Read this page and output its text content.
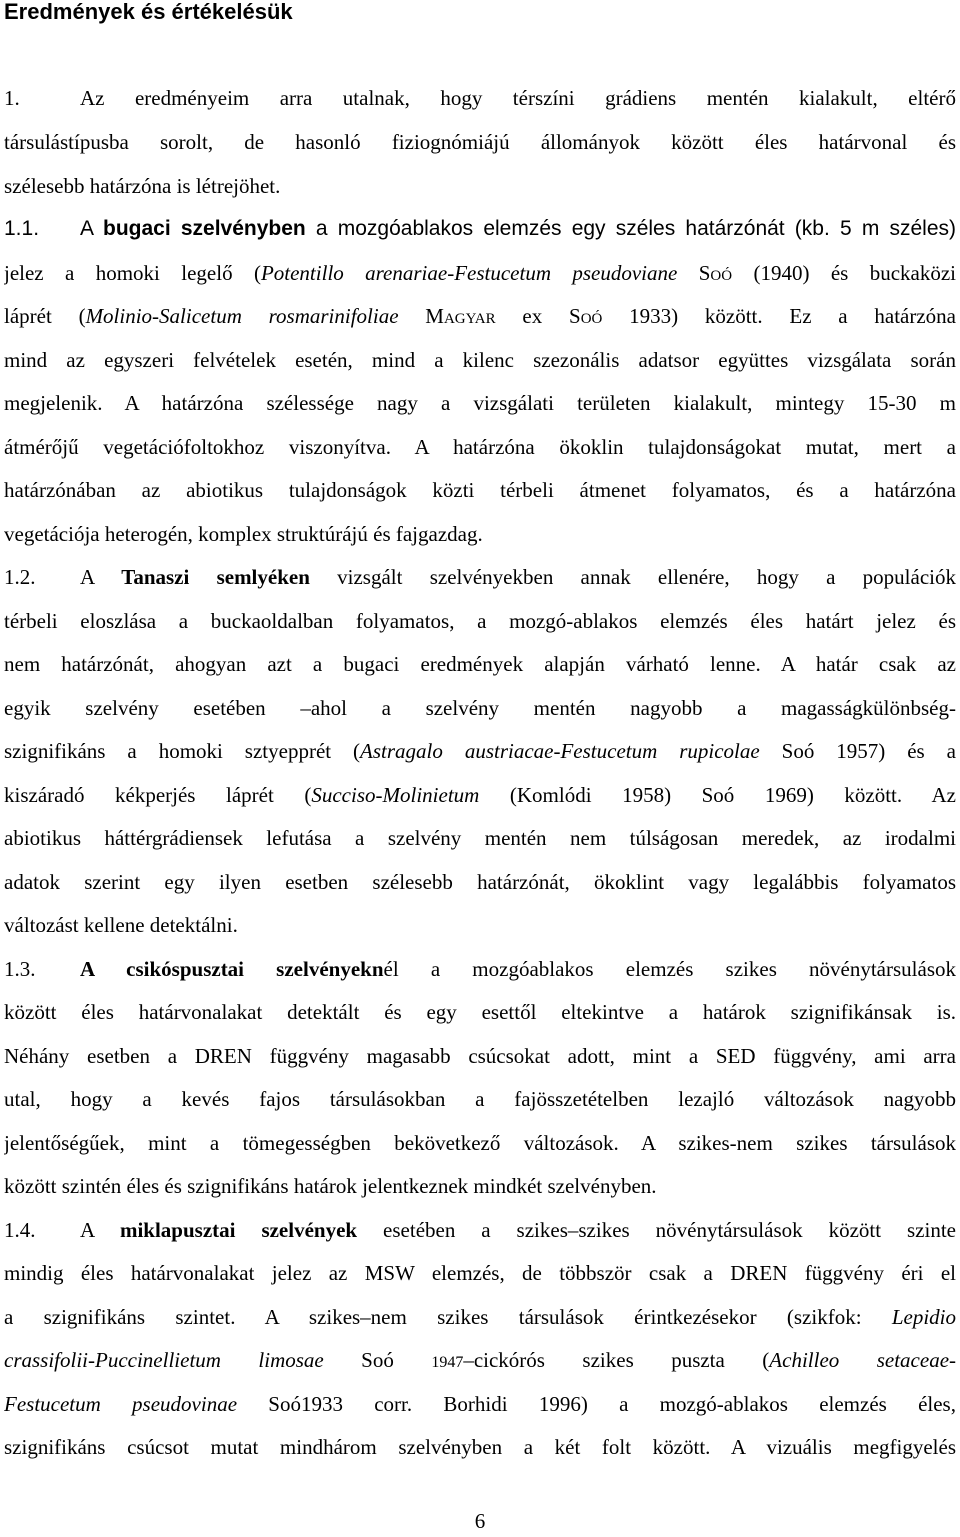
Eredmények és értékelésük

1.	Az eredményeim arra utalnak, hogy térszíni grádiens mentén kialakult, eltérő

társulástípusba sorolt, de hasonló fiziognómiájú állományok között éles határvonal és

szélesebb határzóna is létrejöhet.

1.1. A bugaci szelvényben a mozgóablakos elemzés egy széles határzónát (kb. 5 m széles)

jelez a homoki legelő (Potentillo arenariae-Festucetum pseudoviane Soó (1940) és buckaközi

láprét (Molinio-Salicetum rosmarinifoliae Magyar ex Soó 1933) között. Ez a határzóna

mind az egyszeri felvételek esetén, mind a kilenc szezonális adatsor együttes vizsgálata során

megjelenik. A határzóna szélessége nagy a vizsgálati területen kialakult, mintegy 15-30 m

átmérőjű vegetációfoltokhoz viszonyítva. A határzóna ökoklin tulajdonságokat mutat, mert a

határzónában az abiotikus tulajdonságok közti térbeli átmenet folyamatos, és a határzóna

vegetációja heterogén, komplex struktúrájú és fajgazdag.

1.2. A Tanaszi semlyéken vizsgált szelvényekben annak ellenére, hogy a populációk

térbeli eloszlása a buckaoldalban folyamatos, a mozgó-ablakos elemzés éles határt jelez és

nem határzónát, ahogyan azt a bugaci eredmények alapján várható lenne. A határ csak az

egyik szelvény esetében –ahol a szelvény mentén nagyobb a magasságkülönbség-

szignifikáns a homoki sztyepprét (Astragalo austriacae-Festucetum rupicolae Soó 1957) és a

kiszáradó kékperjés láprét (Succiso-Molinietum (Komlódi 1958) Soó 1969) között. Az

abiotikus háttérgrádiensek lefutása a szelvény mentén nem túlságosan meredek, az irodalmi

adatok szerint egy ilyen esetben szélesebb határzónát, ökoklint vagy legalábbis folyamatos

változást kellene detektálni.

1.3. A csikóspusztai szelvényeknél a mozgóablakos elemzés szikes növénytársulások

között éles határvonalakat detektált és egy esettől eltekintve a határok szignifikánsak is.

Néhány esetben a DREN függvény magasabb csúcsokat adott, mint a SED függvény, ami arra

utal, hogy a kevés fajos társulásokban a fajösszetételben lezajló változások nagyobb

jelentőségűek, mint a tömegességben bekövetkező változások. A szikes-nem szikes társulások

között szintén éles és szignifikáns határok jelentkeznek mindkét szelvényben.

1.4. A miklapusztai szelvények esetében a szikes–szikes növénytársulások között szinte

mindig éles határvonalakat jelez az MSW elemzés, de többször csak a DREN függvény éri el

a szignifikáns szintet. A szikes–nem szikes társulások érintkezésekor (szikfok: Lepidio

crassifolii-Puccinellietum limosae Soó 1947–cickórós szikes puszta (Achilleo setaceae-

Festucetum pseudovinae Soó1933 corr. Borhidi 1996) a mozgó-ablakos elemzés éles,

szignifikáns csúcsot mutat mindhárom szelvényben a két folt között. A vizuális megfigyelés

6
